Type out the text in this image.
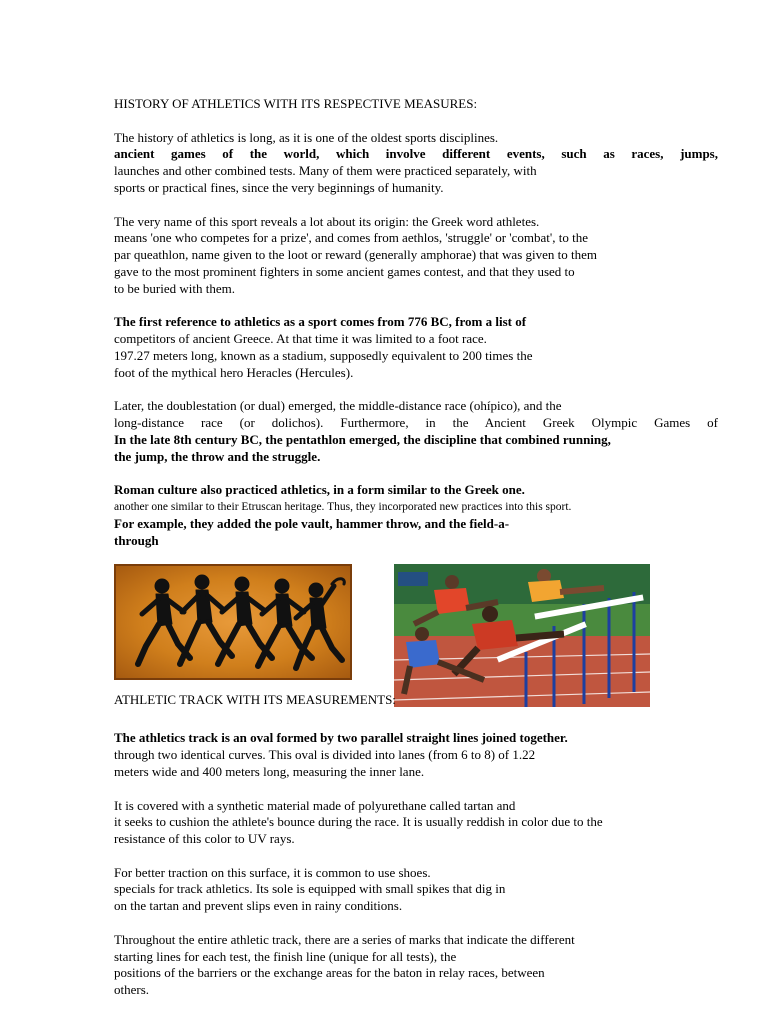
HISTORY OF ATHLETICS WITH ITS RESPECTIVE MEASURES:
The history of athletics is long, as it is one of the oldest sports disciplines.
ancient games of the world, which involve different events, such as races, jumps,
launches and other combined tests. Many of them were practiced separately, with
sports or practical fines, since the very beginnings of humanity.
The very name of this sport reveals a lot about its origin: the Greek word athletes.
means 'one who competes for a prize', and comes from aethlos, 'struggle' or 'combat', to the
par queathlon, name given to the loot or reward (generally amphorae) that was given to them
gave to the most prominent fighters in some ancient games contest, and that they used to
to be buried with them.
The first reference to athletics as a sport comes from 776 BC, from a list of
competitors of ancient Greece. At that time it was limited to a foot race.
197.27 meters long, known as a stadium, supposedly equivalent to 200 times the
foot of the mythical hero Heracles (Hercules).
Later, the doublestation (or dual) emerged, the middle-distance race (ohípico), and the
long-distance race (or dolichos). Furthermore, in the Ancient Greek Olympic Games of
In the late 8th century BC, the pentathlon emerged, the discipline that combined running,
the jump, the throw and the struggle.
Roman culture also practiced athletics, in a form similar to the Greek one.
another one similar to their Etruscan heritage. Thus, they incorporated new practices into this sport.
For example, they added the pole vault, hammer throw, and the field-a-
through
ATHLETIC TRACK WITH ITS MEASUREMENTS:
The athletics track is an oval formed by two parallel straight lines joined together.
through two identical curves. This oval is divided into lanes (from 6 to 8) of 1.22
meters wide and 400 meters long, measuring the inner lane.
It is covered with a synthetic material made of polyurethane called tartan and
it seeks to cushion the athlete's bounce during the race. It is usually reddish in color due to the
resistance of this color to UV rays.
For better traction on this surface, it is common to use shoes.
specials for track athletics. Its sole is equipped with small spikes that dig in
on the tartan and prevent slips even in rainy conditions.
Throughout the entire athletic track, there are a series of marks that indicate the different
starting lines for each test, the finish line (unique for all tests), the
positions of the barriers or the exchange areas for the baton in relay races, between
others.
